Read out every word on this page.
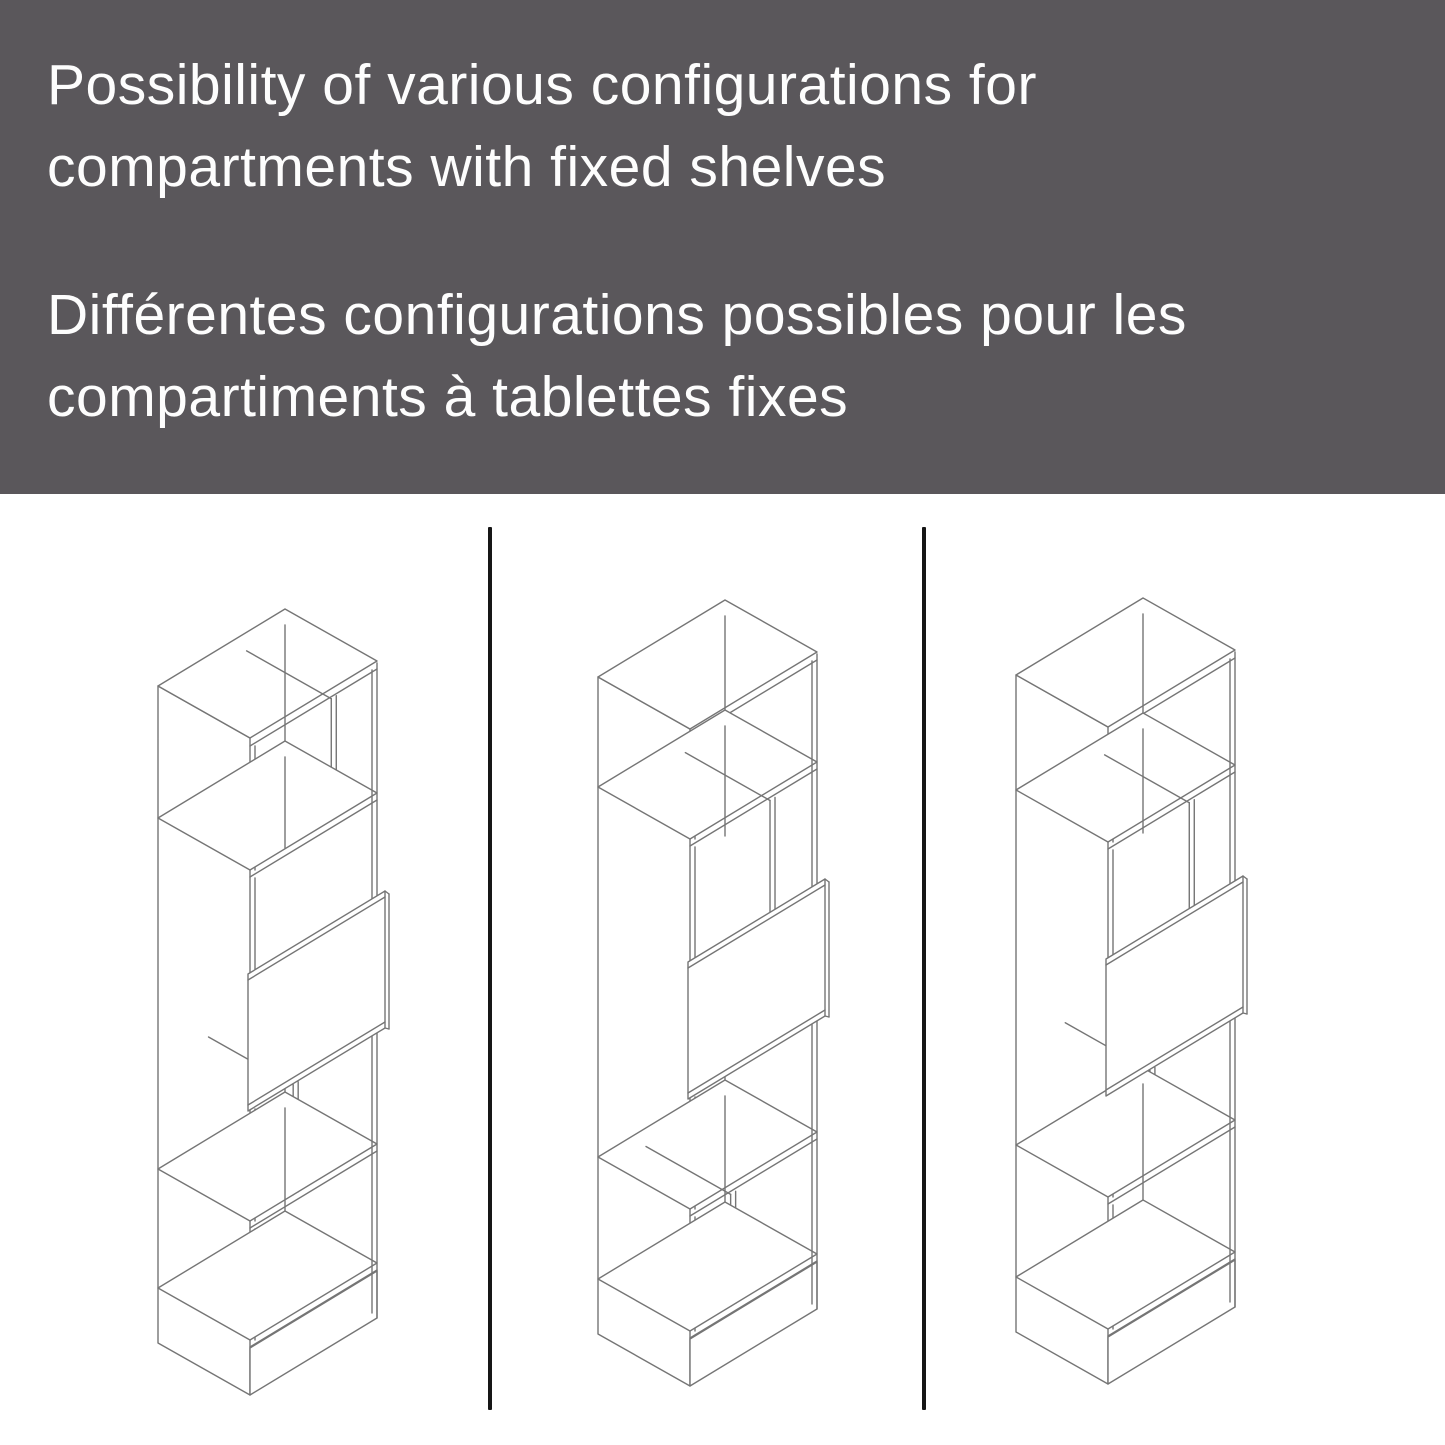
Possibility of various configurations for
compartments with fixed shelves

Différentes configurations possibles pour les
compartiments à tablettes fixes
